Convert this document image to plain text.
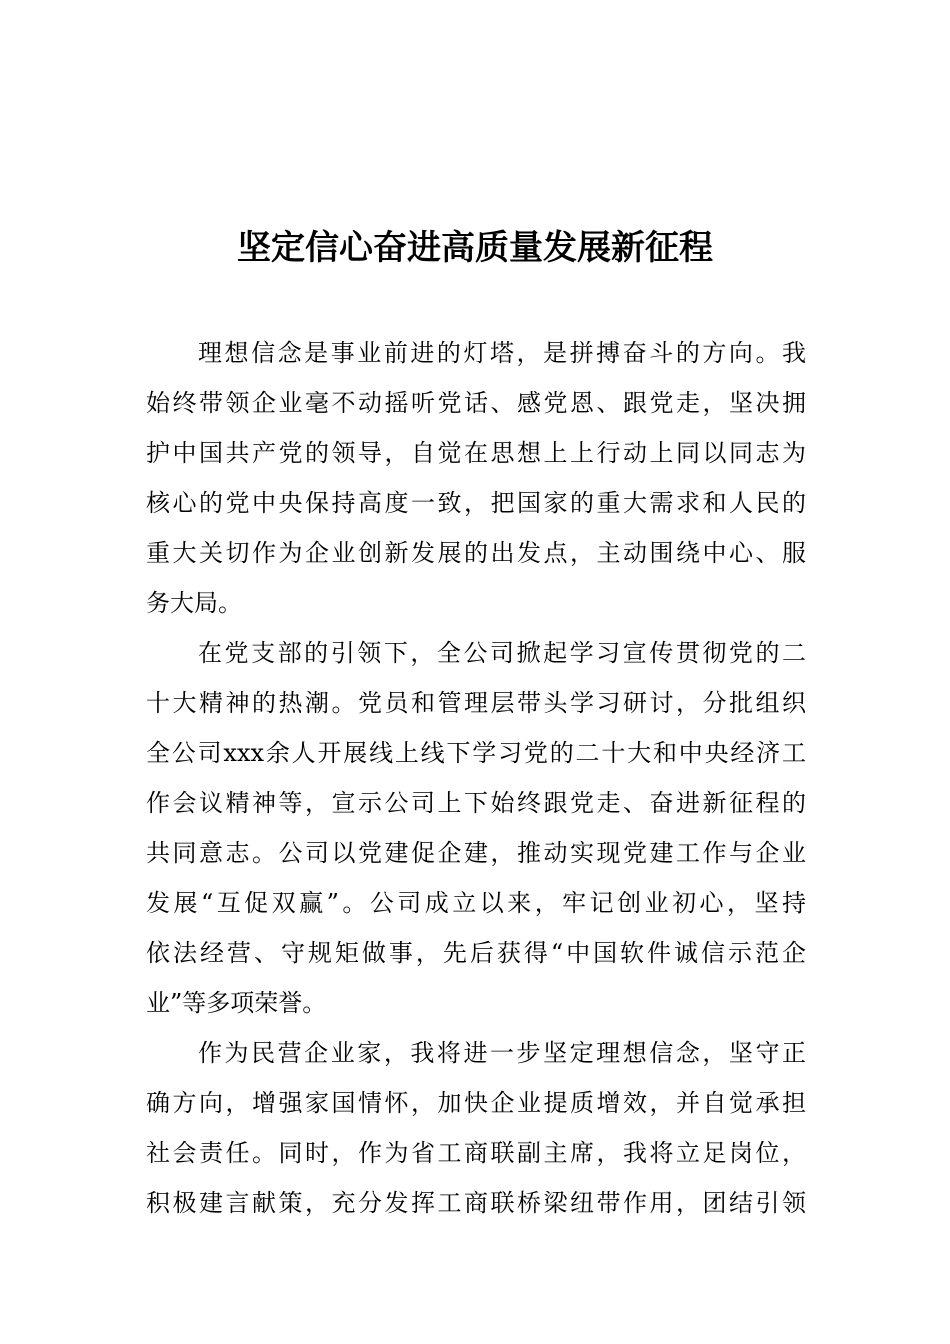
坚定信心奋进高质量发展新征程

理想信念是事业前进的灯塔，是拼搏奋斗的方向。我
始终带领企业毫不动摇听党话、感党恩、跟党走，坚决拥
护中国共产党的领导，自觉在思想上上行动上同以同志为
核心的党中央保持高度一致，把国家的重大需求和人民的
重大关切作为企业创新发展的出发点，主动围绕中心、服
务大局。

在党支部的引领下，全公司掀起学习宣传贯彻党的二
十大精神的热潮。党员和管理层带头学习研讨，分批组织
全公司xxx余人开展线上线下学习党的二十大和中央经济工
作会议精神等，宣示公司上下始终跟党走、奋进新征程的
共同意志。公司以党建促企建，推动实现党建工作与企业
发展“互促双赢”。公司成立以来，牢记创业初心，坚持
依法经营、守规矩做事，先后获得“中国软件诚信示范企
业”等多项荣誉。

作为民营企业家，我将进一步坚定理想信念，坚守正
确方向，增强家国情怀，加快企业提质增效，并自觉承担
社会责任。同时，作为省工商联副主席，我将立足岗位，
积极建言献策，充分发挥工商联桥梁纽带作用，团结引领
